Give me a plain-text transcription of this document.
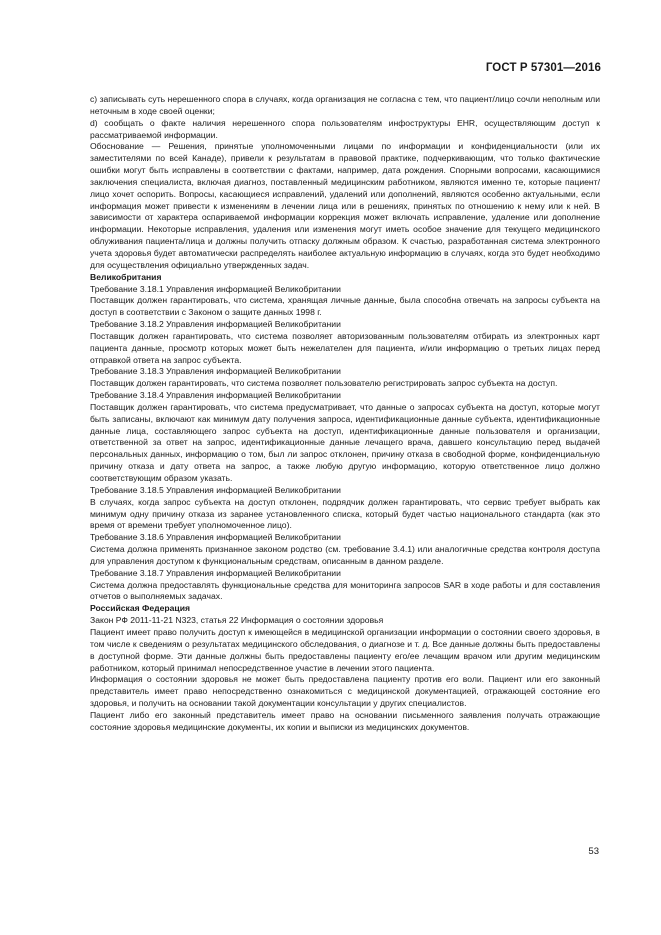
ГОСТ Р 57301—2016

c) записывать суть нерешенного спора в случаях, когда организация не согласна с тем, что пациент/лицо сочли неполным или неточным в ходе своей оценки;

d) сообщать о факте наличия нерешенного спора пользователям инфоструктуры EHR, осуществляющим доступ к рассматриваемой информации.

Обоснование — Решения, принятые уполномоченными лицами по информации и конфиденциальности (или их заместителями по всей Канаде), привели к результатам в правовой практике, подчеркивающим, что только фактические ошибки могут быть исправлены в соответствии с фактами, например, дата рождения. Спорными вопросами, касающимися заключения специалиста, включая диагноз, поставленный медицинским работником, являются именно те, которые пациент/лицо хочет оспорить. Вопросы, касающиеся исправлений, удалений или дополнений, являются особенно актуальными, если информация может привести к изменениям в лечении лица или в решениях, принятых по отношению к нему или к ней. В зависимости от характера оспариваемой информации коррекция может включать исправление, удаление или дополнение информации. Некоторые исправления, удаления или изменения могут иметь особое значение для текущего медицинского облуживания пациента/лица и должны получить отпаску должным образом. К счастью, разработанная система электронного учета здоровья будет автоматически распределять наиболее актуальную информацию в случаях, когда это будет необходимо для осуществления официально утвержденных задач.

Великобритания

Требование 3.18.1 Управления информацией Великобритании

Поставщик должен гарантировать, что система, хранящая личные данные, была способна отвечать на запросы субъекта на доступ в соответствии с Законом о защите данных 1998 г.

Требование 3.18.2 Управления информацией Великобритании

Поставщик должен гарантировать, что система позволяет авторизованным пользователям отбирать из электронных карт пациента данные, просмотр которых может быть нежелателен для пациента, и/или информацию о третьих лицах перед отправкой ответа на запрос субъекта.

Требование 3.18.3 Управления информацией Великобритании

Поставщик должен гарантировать, что система позволяет пользователю регистрировать запрос субъекта на доступ.

Требование 3.18.4 Управления информацией Великобритании

Поставщик должен гарантировать, что система предусматривает, что данные о запросах субъекта на доступ, которые могут быть записаны, включают как минимум дату получения запроса, идентификационные данные субъекта, идентификационные данные лица, составляющего запрос субъекта на доступ, идентификационные данные пользователя и организации, ответственной за ответ на запрос, идентификационные данные лечащего врача, давшего консультацию перед выдачей персональных данных, информацию о том, был ли запрос отклонен, причину отказа в свободной форме, конфиденциальную причину отказа и дату ответа на запрос, а также любую другую информацию, которую ответственное лицо должно соответствующим образом указать.

Требование 3.18.5 Управления информацией Великобритании

В случаях, когда запрос субъекта на доступ отклонен, подрядчик должен гарантировать, что сервис требует выбрать как минимум одну причину отказа из заранее установленного списка, который будет частью национального стандарта (как это время от времени требует уполномоченное лицо).

Требование 3.18.6 Управления информацией Великобритании

Система должна применять признанное законом родство (см. требование 3.4.1) или аналогичные средства контроля доступа для управления доступом к функциональным средствам, описанным в данном разделе.

Требование 3.18.7 Управления информацией Великобритании

Система должна предоставлять функциональные средства для мониторинга запросов SAR в ходе работы и для составления отчетов о выполняемых задачах.

Российская Федерация

Закон РФ 2011-11-21 N323, статья 22 Информация о состоянии здоровья

Пациент имеет право получить доступ к имеющейся в медицинской организации информации о состоянии своего здоровья, в том числе к сведениям о результатах медицинского обследования, о диагнозе и т. д. Все данные должны быть предоставлены в доступной форме. Эти данные должны быть предоставлены пациенту его/ее лечащим врачом или другим медицинским работником, который принимал непосредственное участие в лечении этого пациента.

Информация о состоянии здоровья не может быть предоставлена пациенту против его воли. Пациент или его законный представитель имеет право непосредственно ознакомиться с медицинской документацией, отражающей состояние его здоровья, и получить на основании такой документации консультации у других специалистов.

Пациент либо его законный представитель имеет право на основании письменного заявления получать отражающие состояние здоровья медицинские документы, их копии и выписки из медицинских документов.

53
